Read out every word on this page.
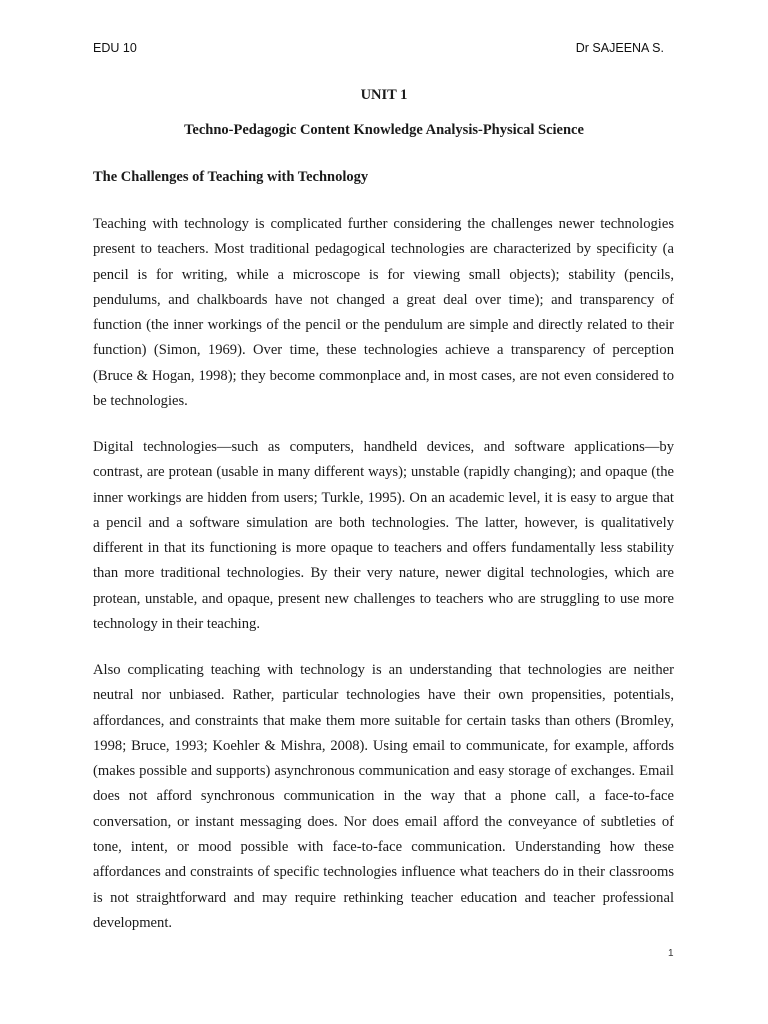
EDU 10	Dr SAJEENA S.
UNIT 1
Techno-Pedagogic Content Knowledge Analysis-Physical Science
The Challenges of Teaching with Technology

Teaching with technology is complicated further considering the challenges newer technologies present to teachers. Most traditional pedagogical technologies are characterized by specificity (a pencil is for writing, while a microscope is for viewing small objects); stability (pencils, pendulums, and chalkboards have not changed a great deal over time); and transparency of function (the inner workings of the pencil or the pendulum are simple and directly related to their function) (Simon, 1969). Over time, these technologies achieve a transparency of perception (Bruce & Hogan, 1998); they become commonplace and, in most cases, are not even considered to be technologies.

Digital technologies—such as computers, handheld devices, and software applications—by contrast, are protean (usable in many different ways); unstable (rapidly changing); and opaque (the inner workings are hidden from users; Turkle, 1995). On an academic level, it is easy to argue that a pencil and a software simulation are both technologies. The latter, however, is qualitatively different in that its functioning is more opaque to teachers and offers fundamentally less stability than more traditional technologies. By their very nature, newer digital technologies, which are protean, unstable, and opaque, present new challenges to teachers who are struggling to use more technology in their teaching.

Also complicating teaching with technology is an understanding that technologies are neither neutral nor unbiased. Rather, particular technologies have their own propensities, potentials, affordances, and constraints that make them more suitable for certain tasks than others (Bromley, 1998; Bruce, 1993; Koehler & Mishra, 2008). Using email to communicate, for example, affords (makes possible and supports) asynchronous communication and easy storage of exchanges. Email does not afford synchronous communication in the way that a phone call, a face-to-face conversation, or instant messaging does. Nor does email afford the conveyance of subtleties of tone, intent, or mood possible with face-to-face communication. Understanding how these affordances and constraints of specific technologies influence what teachers do in their classrooms is not straightforward and may require rethinking teacher education and teacher professional development.

1
